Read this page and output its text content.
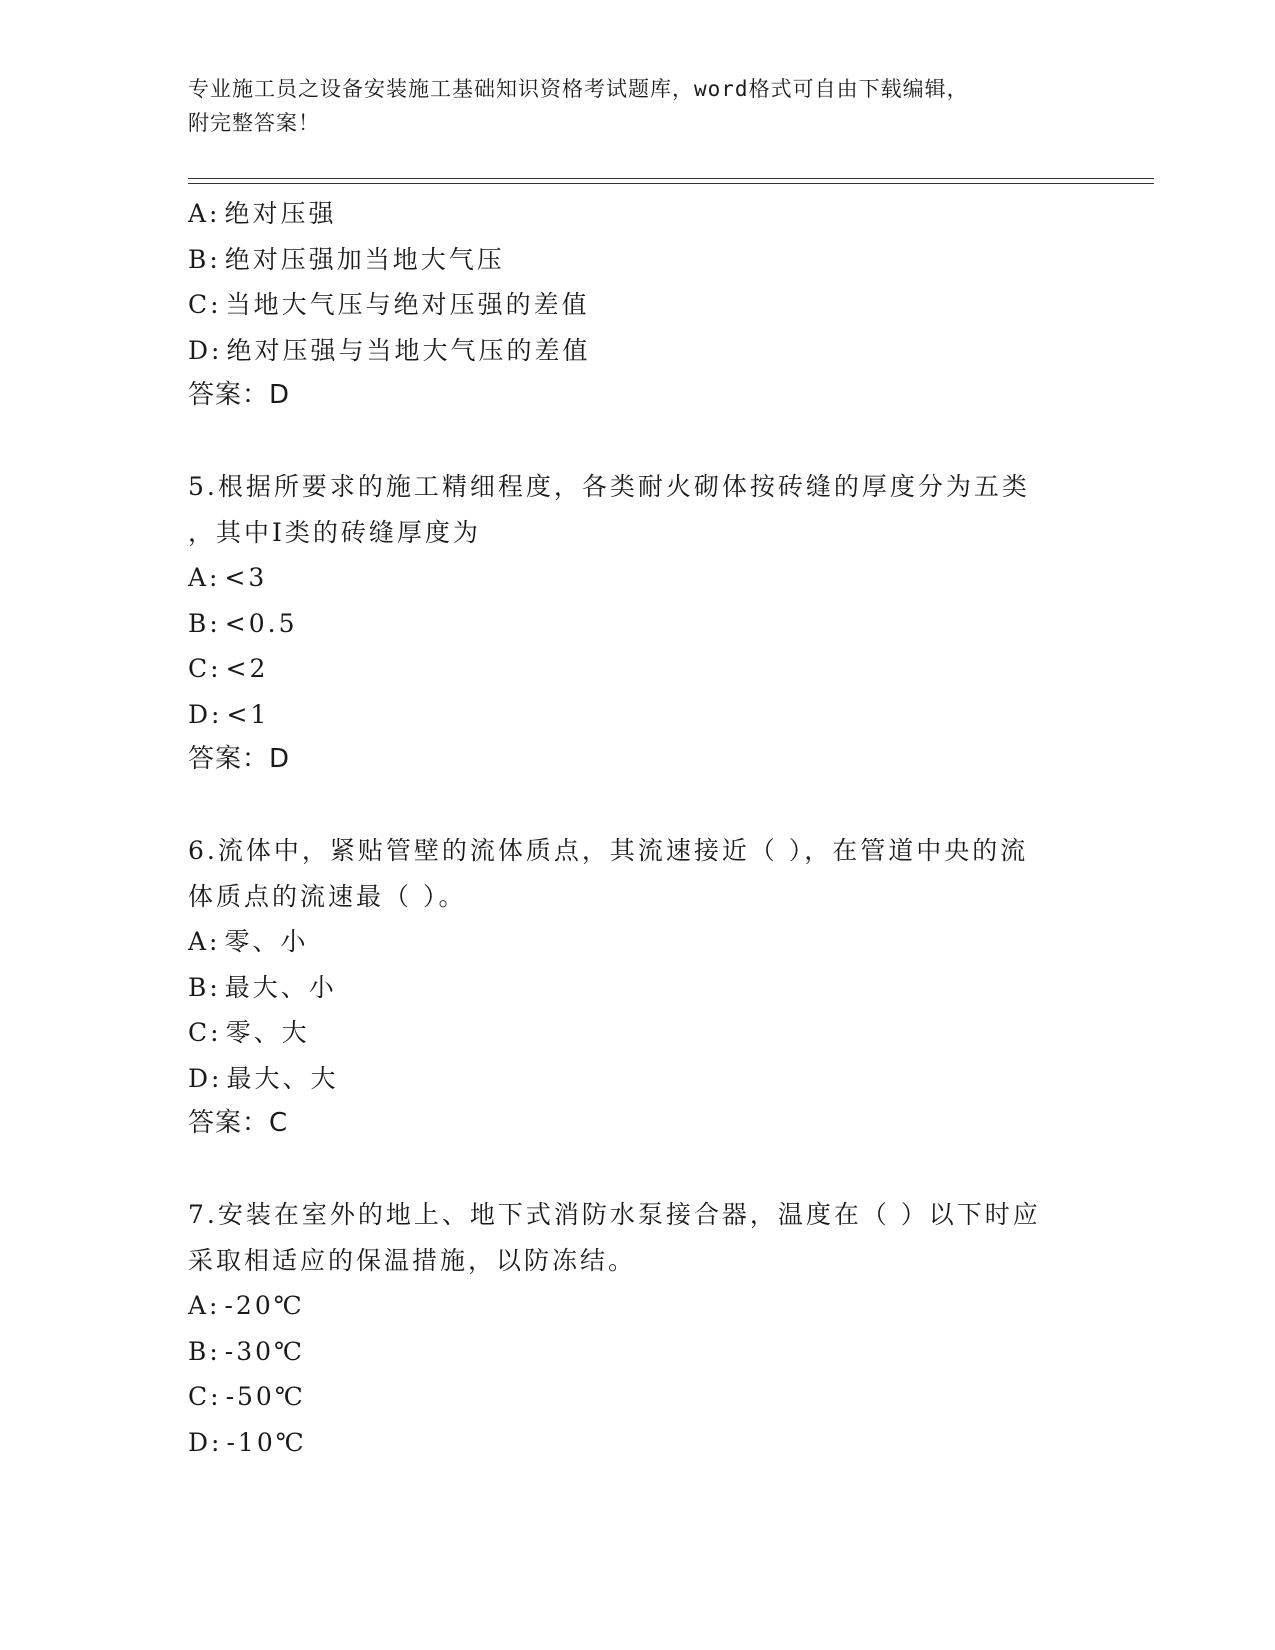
专业施工员之设备安装施工基础知识资格考试题库，word格式可自由下载编辑，
附完整答案！
A: 绝对压强
B: 绝对压强加当地大气压
C: 当地大气压与绝对压强的差值
D: 绝对压强与当地大气压的差值
答案：D
5.根据所要求的施工精细程度，各类耐火砌体按砖缝的厚度分为五类
，其中I类的砖缝厚度为
A: <3
B: <0.5
C: <2
D: <1
答案：D
6.流体中，紧贴管壁的流体质点，其流速接近（ ），在管道中央的流
体质点的流速最（ ）。
A: 零、小
B: 最大、小
C: 零、大
D: 最大、大
答案：C
7.安装在室外的地上、地下式消防水泵接合器，温度在（ ）以下时应
采取相适应的保温措施，以防冻结。
A: -20℃
B: -30℃
C: -50℃
D: -10℃
